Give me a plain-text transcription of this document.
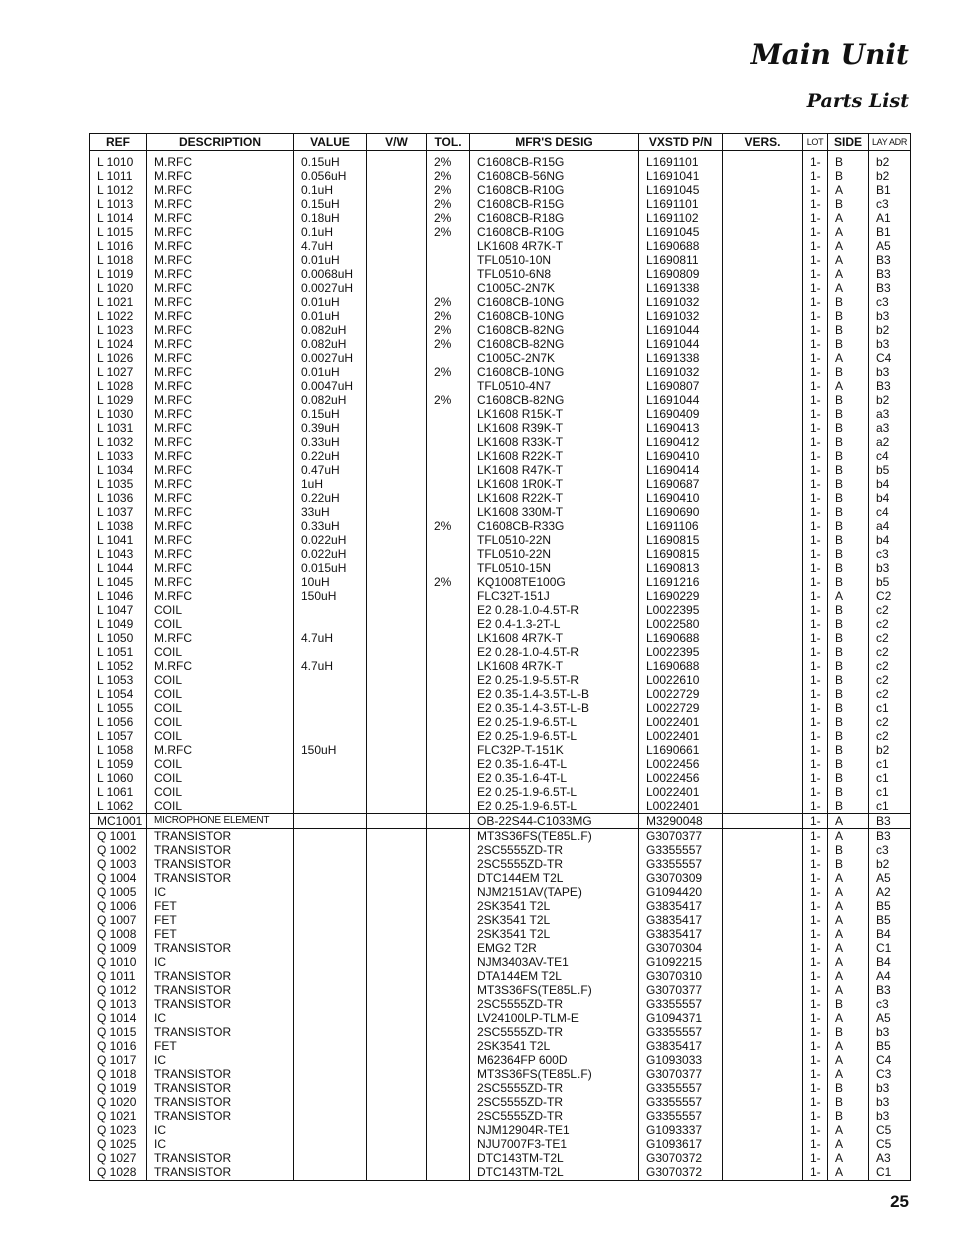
Main Unit
Parts List
REF	DESCRIPTION	VALUE	V/W	TOL.	MFR'S DESIG	VXSTD P/N	VERS.	LOT	SIDE	LAY ADR
L 1010	M.RFC	0.15uH		2%	C1608CB-R15G	L1691101		1-	B	b2
L 1011	M.RFC	0.056uH		2%	C1608CB-56NG	L1691041		1-	B	b2
L 1012	M.RFC	0.1uH		2%	C1608CB-R10G	L1691045		1-	A	B1
L 1013	M.RFC	0.15uH		2%	C1608CB-R15G	L1691101		1-	B	c3
L 1014	M.RFC	0.18uH		2%	C1608CB-R18G	L1691102		1-	A	A1
L 1015	M.RFC	0.1uH		2%	C1608CB-R10G	L1691045		1-	A	B1
L 1016	M.RFC	4.7uH			LK1608 4R7K-T	L1690688		1-	A	A5
L 1018	M.RFC	0.01uH			TFL0510-10N	L1690811		1-	A	B3
L 1019	M.RFC	0.0068uH			TFL0510-6N8	L1690809		1-	A	B3
L 1020	M.RFC	0.0027uH			C1005C-2N7K	L1691338		1-	A	B3
L 1021	M.RFC	0.01uH		2%	C1608CB-10NG	L1691032		1-	B	c3
L 1022	M.RFC	0.01uH		2%	C1608CB-10NG	L1691032		1-	B	b3
L 1023	M.RFC	0.082uH		2%	C1608CB-82NG	L1691044		1-	B	b2
L 1024	M.RFC	0.082uH		2%	C1608CB-82NG	L1691044		1-	B	b3
L 1026	M.RFC	0.0027uH			C1005C-2N7K	L1691338		1-	A	C4
L 1027	M.RFC	0.01uH		2%	C1608CB-10NG	L1691032		1-	B	b3
L 1028	M.RFC	0.0047uH			TFL0510-4N7	L1690807		1-	A	B3
L 1029	M.RFC	0.082uH		2%	C1608CB-82NG	L1691044		1-	B	b2
L 1030	M.RFC	0.15uH			LK1608 R15K-T	L1690409		1-	B	a3
L 1031	M.RFC	0.39uH			LK1608 R39K-T	L1690413		1-	B	a3
L 1032	M.RFC	0.33uH			LK1608 R33K-T	L1690412		1-	B	a2
L 1033	M.RFC	0.22uH			LK1608 R22K-T	L1690410		1-	B	c4
L 1034	M.RFC	0.47uH			LK1608 R47K-T	L1690414		1-	B	b5
L 1035	M.RFC	1uH			LK1608 1R0K-T	L1690687		1-	B	b4
L 1036	M.RFC	0.22uH			LK1608 R22K-T	L1690410		1-	B	b4
L 1037	M.RFC	33uH			LK1608 330M-T	L1690690		1-	B	c4
L 1038	M.RFC	0.33uH		2%	C1608CB-R33G	L1691106		1-	B	a4
L 1041	M.RFC	0.022uH			TFL0510-22N	L1690815		1-	B	b4
L 1043	M.RFC	0.022uH			TFL0510-22N	L1690815		1-	B	c3
L 1044	M.RFC	0.015uH			TFL0510-15N	L1690813		1-	B	b3
L 1045	M.RFC	10uH		2%	KQ1008TE100G	L1691216		1-	B	b5
L 1046	M.RFC	150uH			FLC32T-151J	L1690229		1-	A	C2
L 1047	COIL				E2 0.28-1.0-4.5T-R	L0022395		1-	B	c2
L 1049	COIL				E2 0.4-1.3-2T-L	L0022580		1-	B	c2
L 1050	M.RFC	4.7uH			LK1608 4R7K-T	L1690688		1-	B	c2
L 1051	COIL				E2 0.28-1.0-4.5T-R	L0022395		1-	B	c2
L 1052	M.RFC	4.7uH			LK1608 4R7K-T	L1690688		1-	B	c2
L 1053	COIL				E2 0.25-1.9-5.5T-R	L0022610		1-	B	c2
L 1054	COIL				E2 0.35-1.4-3.5T-L-B	L0022729		1-	B	c2
L 1055	COIL				E2 0.35-1.4-3.5T-L-B	L0022729		1-	B	c1
L 1056	COIL				E2 0.25-1.9-6.5T-L	L0022401		1-	B	c2
L 1057	COIL				E2 0.25-1.9-6.5T-L	L0022401		1-	B	c2
L 1058	M.RFC	150uH			FLC32P-T-151K	L1690661		1-	B	b2
L 1059	COIL				E2 0.35-1.6-4T-L	L0022456		1-	B	c1
L 1060	COIL				E2 0.35-1.6-4T-L	L0022456		1-	B	c1
L 1061	COIL				E2 0.25-1.9-6.5T-L	L0022401		1-	B	c1
L 1062	COIL				E2 0.25-1.9-6.5T-L	L0022401		1-	B	c1
MC1001	MICROPHONE ELEMENT				OB-22S44-C1033MG	M3290048		1-	A	B3
Q 1001	TRANSISTOR				MT3S36FS(TE85L.F)	G3070377		1-	A	B3
Q 1002	TRANSISTOR				2SC5555ZD-TR	G3355557		1-	B	c3
Q 1003	TRANSISTOR				2SC5555ZD-TR	G3355557		1-	B	b2
Q 1004	TRANSISTOR				DTC144EM T2L	G3070309		1-	A	A5
Q 1005	IC				NJM2151AV(TAPE)	G1094420		1-	A	A2
Q 1006	FET				2SK3541 T2L	G3835417		1-	A	B5
Q 1007	FET				2SK3541 T2L	G3835417		1-	A	B5
Q 1008	FET				2SK3541 T2L	G3835417		1-	A	B4
Q 1009	TRANSISTOR				EMG2 T2R	G3070304		1-	A	C1
Q 1010	IC				NJM3403AV-TE1	G1092215		1-	A	B4
Q 1011	TRANSISTOR				DTA144EM T2L	G3070310		1-	A	A4
Q 1012	TRANSISTOR				MT3S36FS(TE85L.F)	G3070377		1-	A	B3
Q 1013	TRANSISTOR				2SC5555ZD-TR	G3355557		1-	B	c3
Q 1014	IC				LV24100LP-TLM-E	G1094371		1-	A	A5
Q 1015	TRANSISTOR				2SC5555ZD-TR	G3355557		1-	B	b3
Q 1016	FET				2SK3541 T2L	G3835417		1-	A	B5
Q 1017	IC				M62364FP 600D	G1093033		1-	A	C4
Q 1018	TRANSISTOR				MT3S36FS(TE85L.F)	G3070377		1-	A	C3
Q 1019	TRANSISTOR				2SC5555ZD-TR	G3355557		1-	B	b3
Q 1020	TRANSISTOR				2SC5555ZD-TR	G3355557		1-	B	b3
Q 1021	TRANSISTOR				2SC5555ZD-TR	G3355557		1-	B	b3
Q 1023	IC				NJM12904R-TE1	G1093337		1-	A	C5
Q 1025	IC				NJU7007F3-TE1	G1093617		1-	A	C5
Q 1027	TRANSISTOR				DTC143TM-T2L	G3070372		1-	A	A3
Q 1028	TRANSISTOR				DTC143TM-T2L	G3070372		1-	A	C1
25
